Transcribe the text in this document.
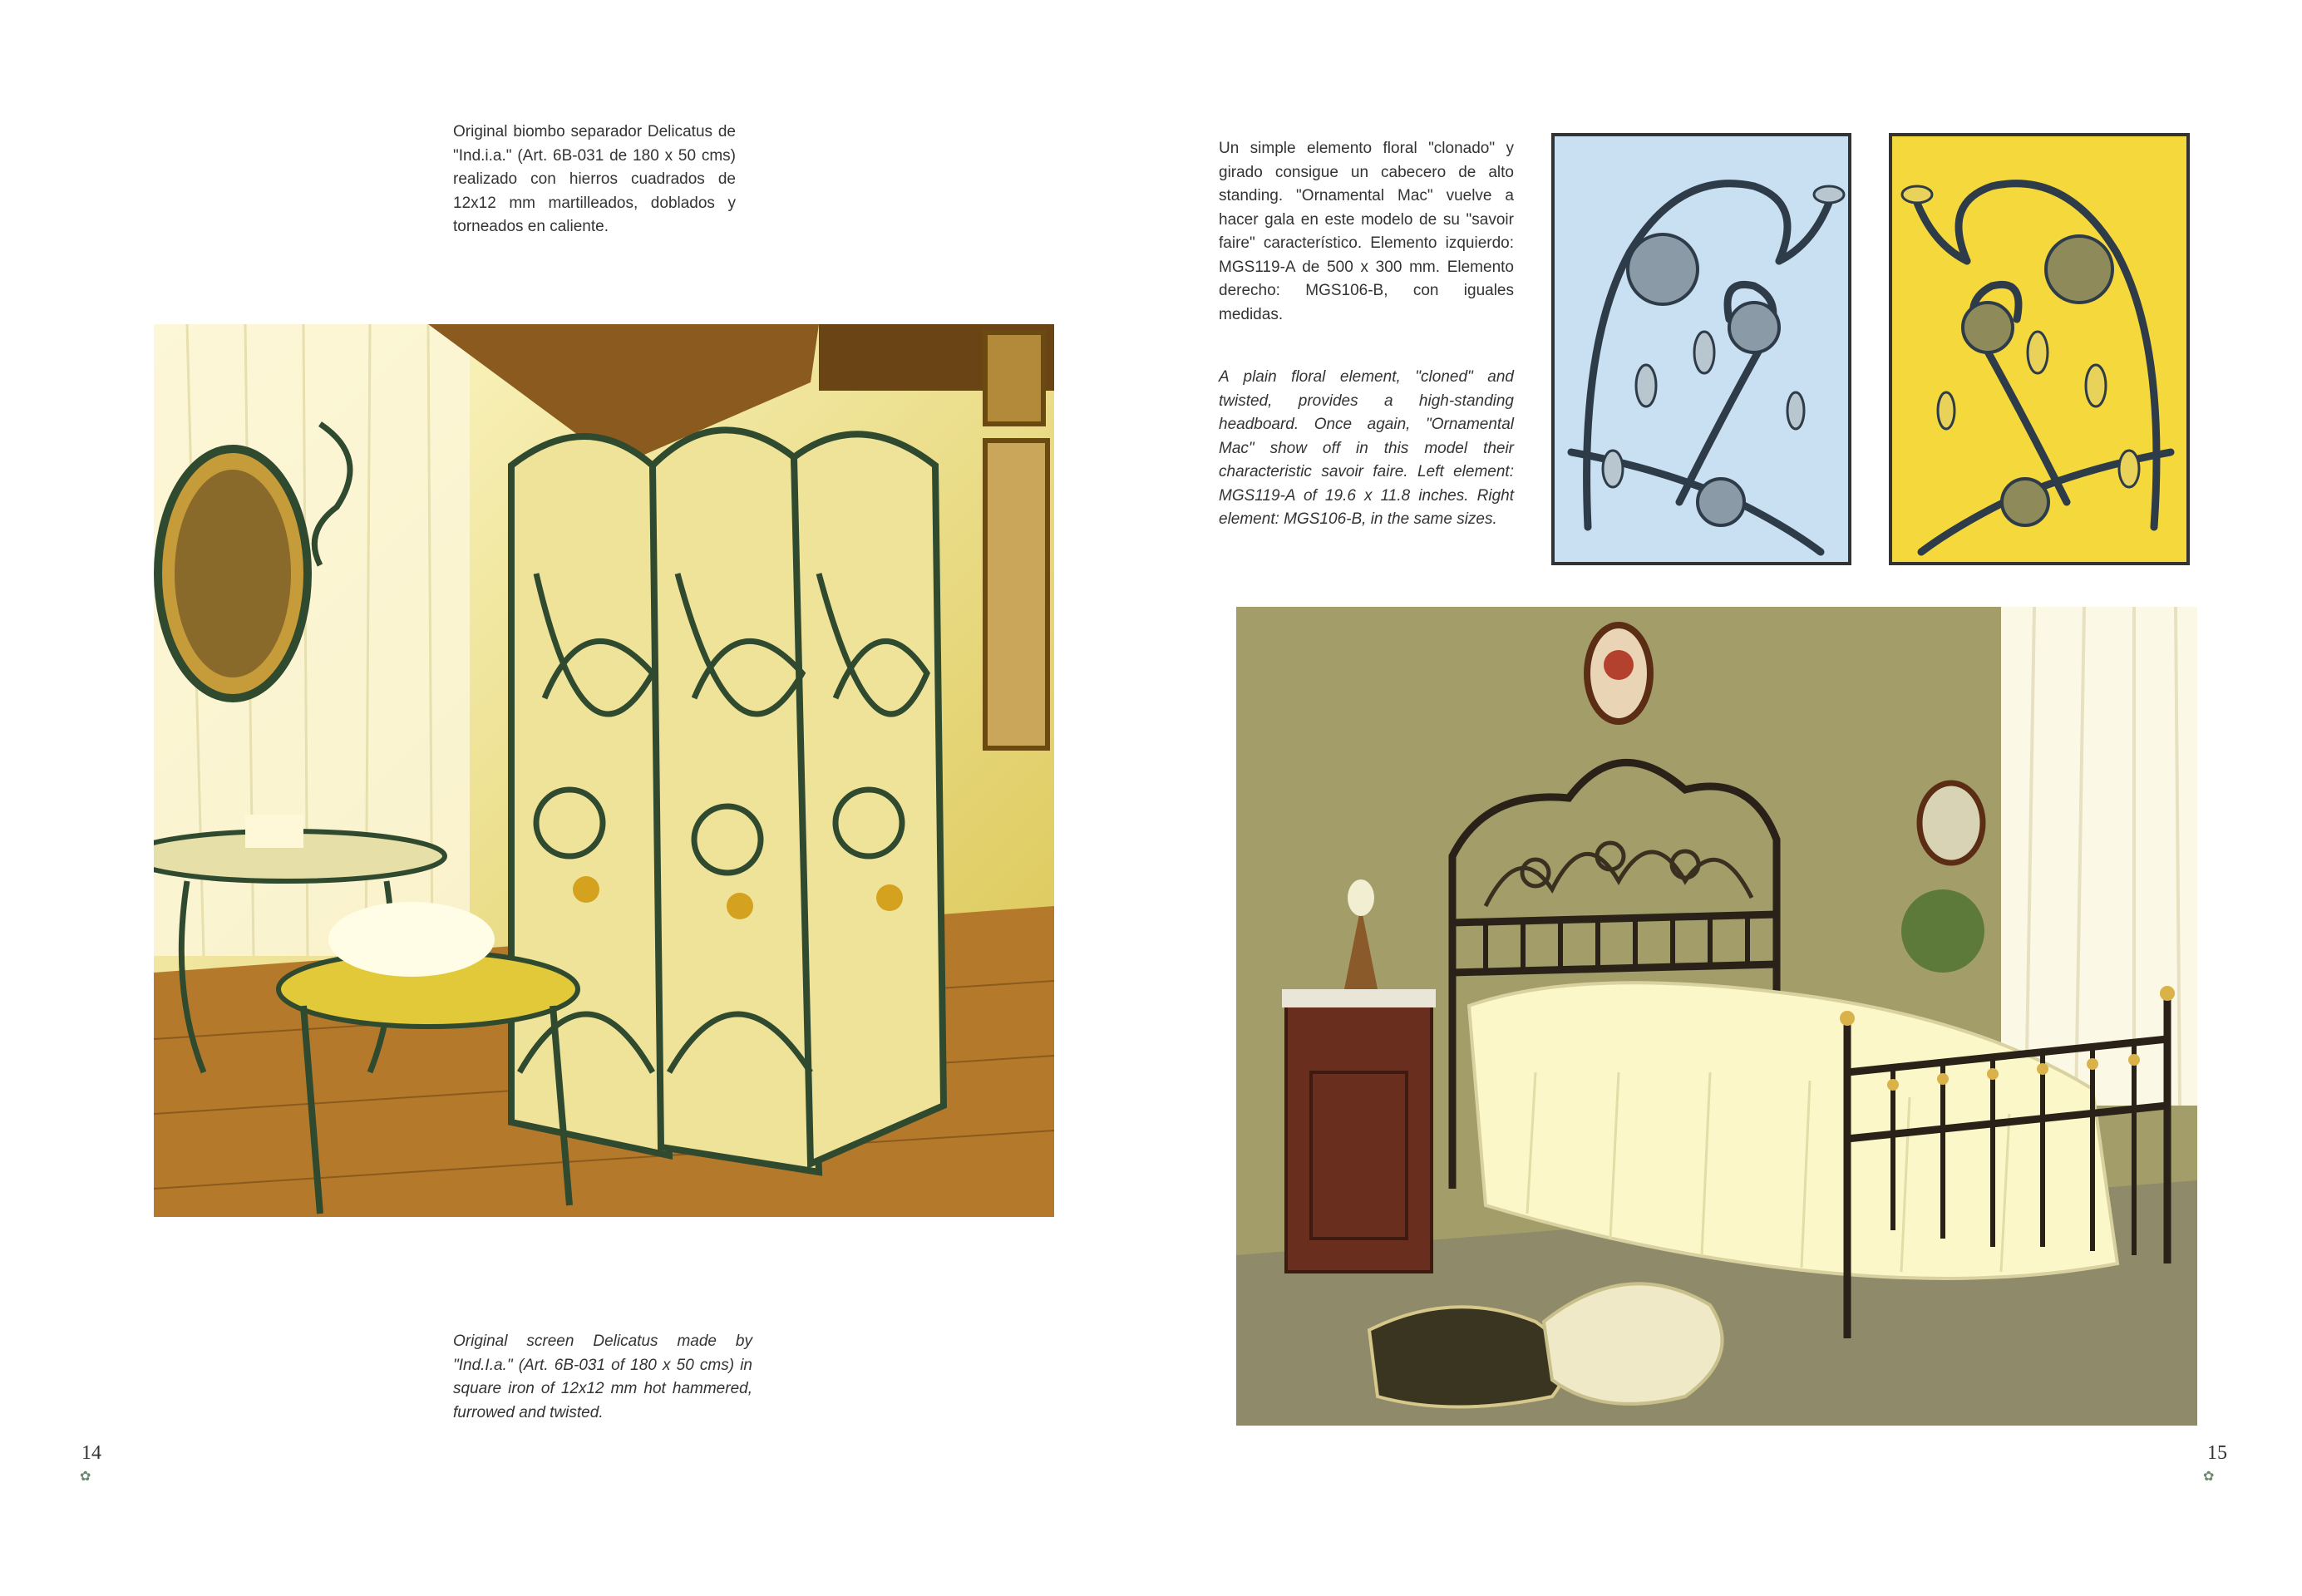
Original biombo separador Delicatus de "Ind.i.a." (Art. 6B-031 de 180 x 50 cms) realizado con hierros cuadrados de 12x12 mm martilleados, doblados y torneados en caliente.
Original screen Delicatus made by "Ind.I.a." (Art. 6B-031 of 180 x 50 cms) in square iron of 12x12 mm hot hammered, furrowed and twisted.
14
✿
Un simple elemento floral "clonado" y girado consigue un cabecero de alto standing. "Ornamental Mac" vuelve a hacer gala en este modelo de su "savoir faire" característico. Elemento izquierdo: MGS119-A de 500 x 300 mm. Elemento derecho: MGS106-B, con iguales medidas.
A plain floral element, "cloned" and twisted, provides a high-standing headboard. Once again, "Ornamental Mac" show off in this model their characteristic savoir faire. Left element: MGS119-A of 19.6 x 11.8 inches. Right element: MGS106-B, in the same sizes.
15
✿
